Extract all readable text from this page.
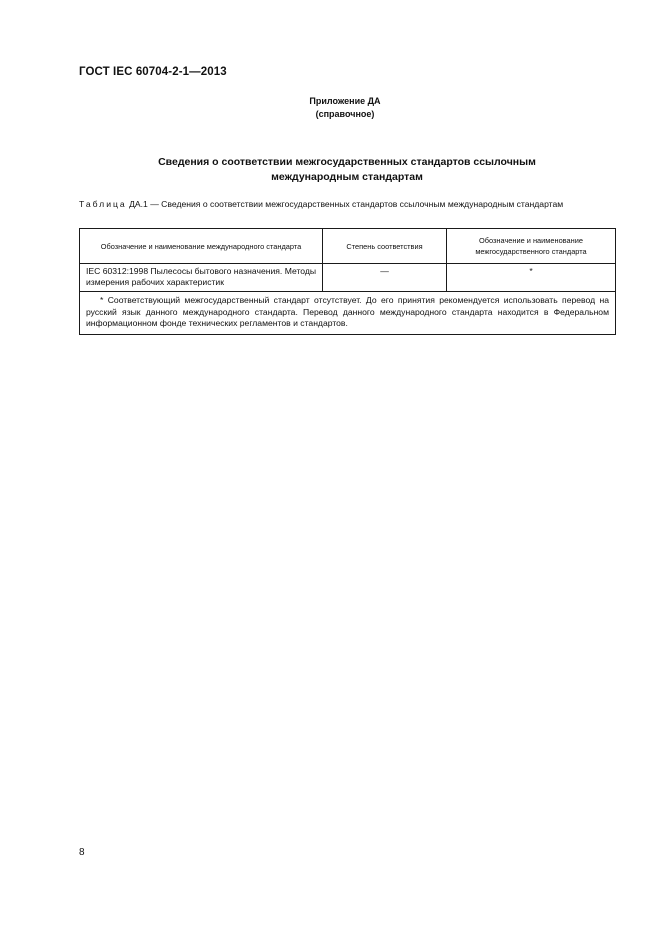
ГОСТ IEC 60704-2-1—2013
Приложение ДА
(справочное)
Сведения о соответствии межгосударственных стандартов ссылочным
международным стандартам
Таблица ДА.1 — Сведения о соответствии межгосударственных стандартов ссылочным международным стандартам
Обозначение и наименование международного стандарта	Степень соответствия	Обозначение и наименование межгосударственного стандарта
IEC 60312:1998 Пылесосы бытового назначения. Методы измерения рабочих характеристик	—	*
* Соответствующий межгосударственный стандарт отсутствует. До его принятия рекомендуется использовать перевод на русский язык данного международного стандарта. Перевод данного международного стандарта находится в Федеральном информационном фонде технических регламентов и стандартов.		
8
